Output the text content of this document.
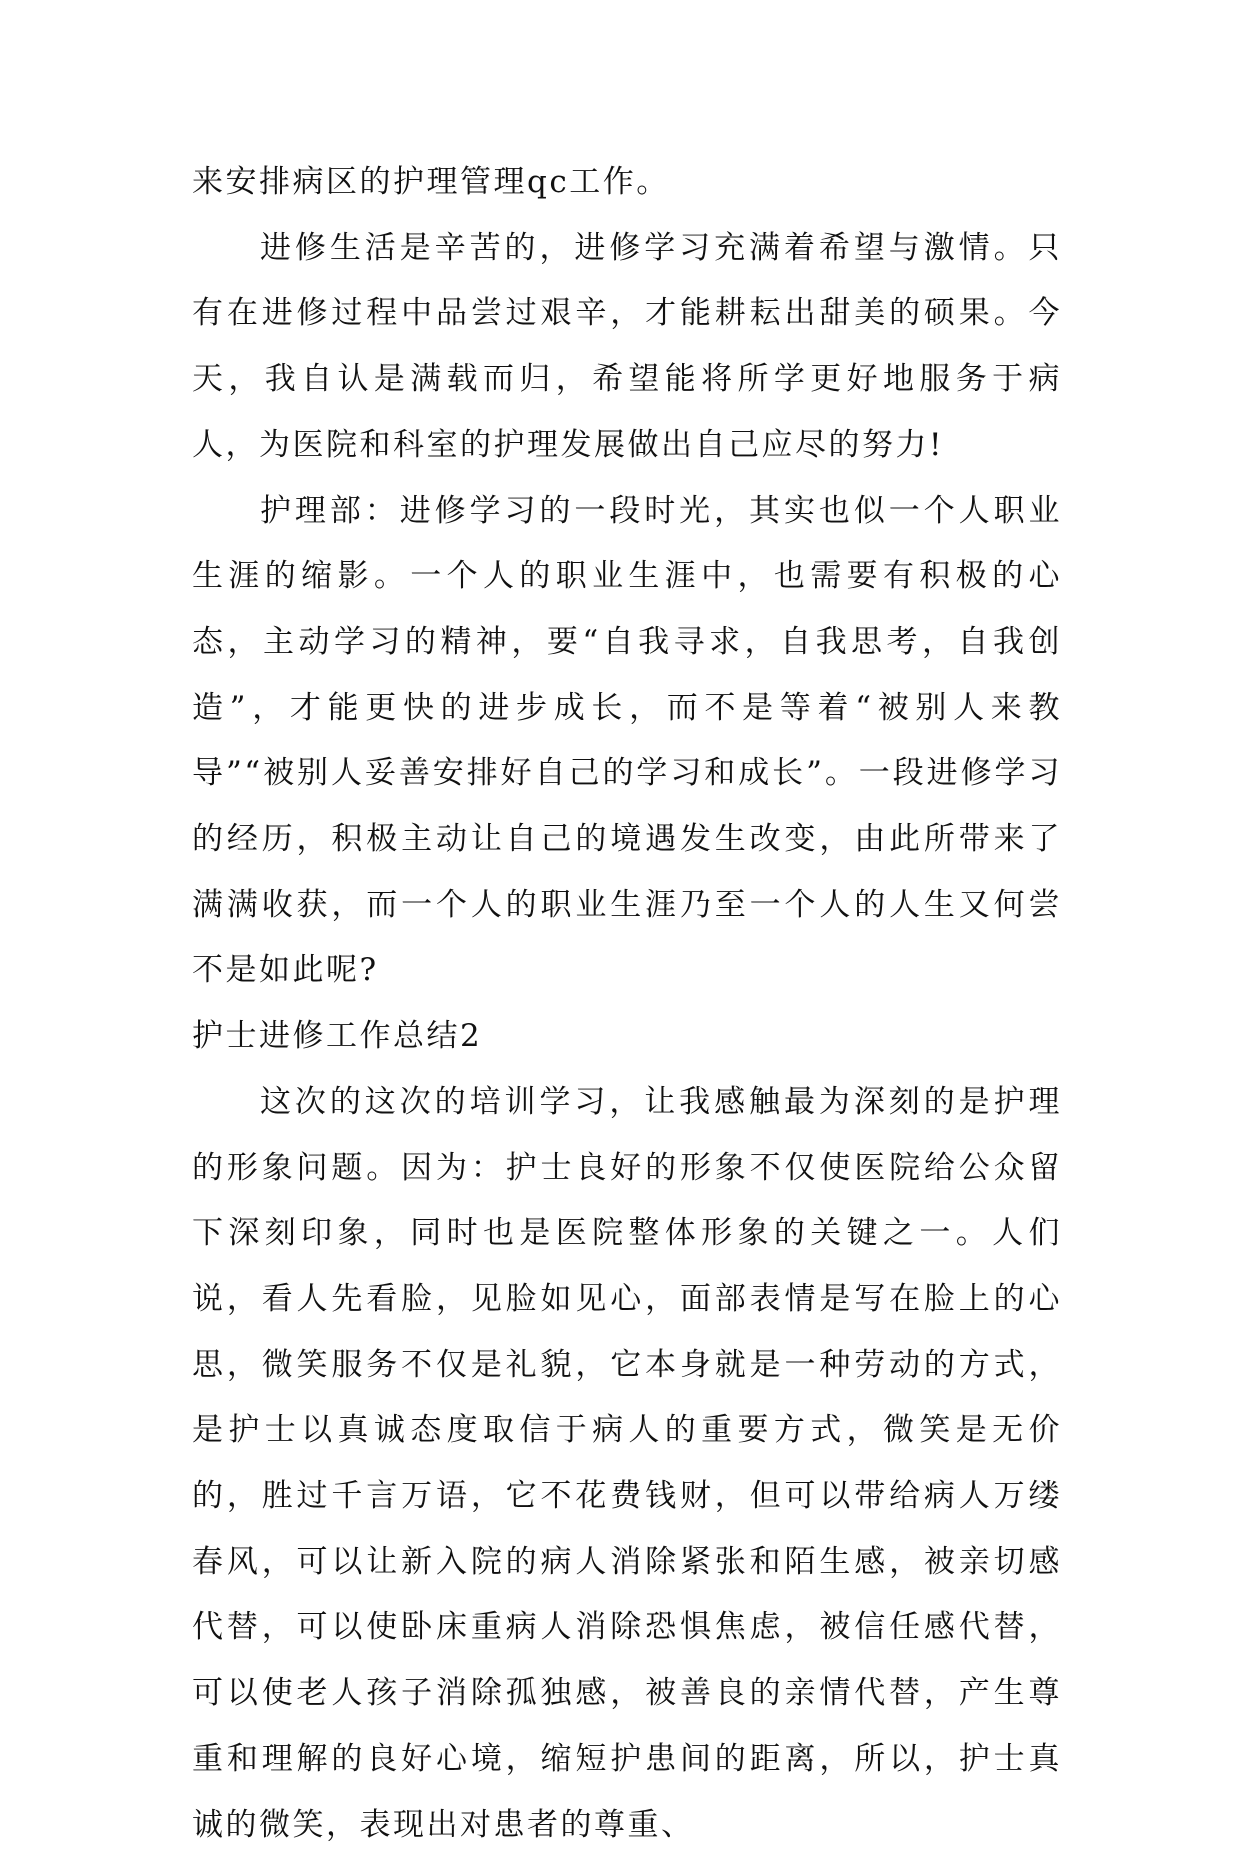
来安排病区的护理管理qc工作。

进修生活是辛苦的，进修学习充满着希望与激情。只有在进修过程中品尝过艰辛，才能耕耘出甜美的硕果。今天，我自认是满载而归，希望能将所学更好地服务于病人，为医院和科室的护理发展做出自己应尽的努力!

护理部：进修学习的一段时光，其实也似一个人职业生涯的缩影。一个人的职业生涯中，也需要有积极的心态，主动学习的精神，要“自我寻求，自我思考，自我创造”，才能更快的进步成长，而不是等着“被别人来教导”“被别人妥善安排好自己的学习和成长”。一段进修学习的经历，积极主动让自己的境遇发生改变，由此所带来了满满收获，而一个人的职业生涯乃至一个人的人生又何尝不是如此呢?

护士进修工作总结2

这次的这次的培训学习，让我感触最为深刻的是护理的形象问题。因为：护士良好的形象不仅使医院给公众留下深刻印象，同时也是医院整体形象的关键之一。人们说，看人先看脸，见脸如见心，面部表情是写在脸上的心思，微笑服务不仅是礼貌，它本身就是一种劳动的方式，是护士以真诚态度取信于病人的重要方式，微笑是无价的，胜过千言万语，它不花费钱财，但可以带给病人万缕春风，可以让新入院的病人消除紧张和陌生感，被亲切感代替，可以使卧床重病人消除恐惧焦虑，被信任感代替，可以使老人孩子消除孤独感，被善良的亲情代替，产生尊重和理解的良好心境，缩短护患间的距离，所以，护士真诚的微笑，表现出对患者的尊重、
